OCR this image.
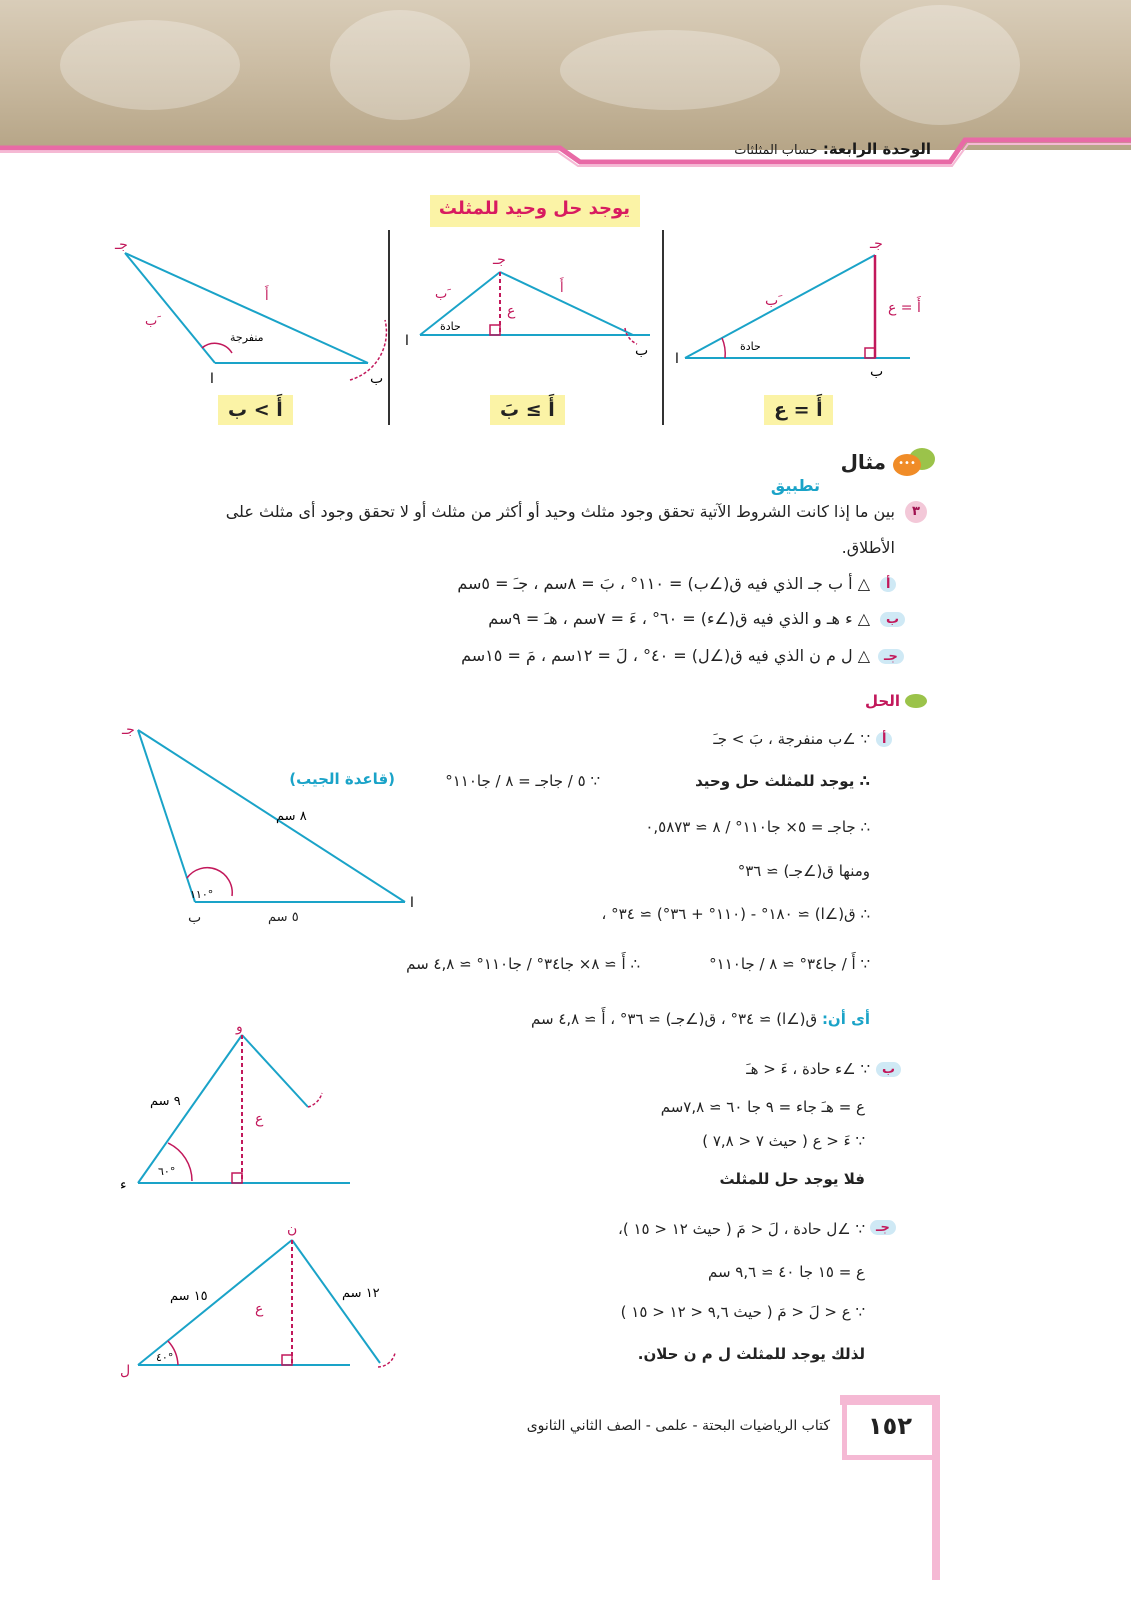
الوحدة الرابعة: حساب المثلثات
يوجد حل وحيد للمثلث
ا
ب
جـ
ب َ
حادة
أَ = ع
أَ = ع
ا
ب
جـ
ب َ	أَ
ع
حادة
أَ ≥ بَ
جـ
ا	ب
ب َ
أَ
منفرجة
أَ > ب
•••
مثال
تطبيق
٣
بين ما إذا كانت الشروط الآتية تحقق وجود مثلث وحيد أو أكثر من مثلث أو لا تحقق وجود أى مثلث على
الأطلاق.
أ
△ أ ب جـ الذي فيه ق(∠ب) = ١١٠° ، بَ = ٨سم ، جـَ = ٥سم
ب
△ ء هـ و الذي فيه ق(∠ء) = ٦٠° ، ءَ = ٧سم ، هـَ = ٩سم
جـ
△ ل م ن الذي فيه ق(∠ل) = ٤٠° ، لَ = ١٢سم ، مَ = ١٥سم
الحل
أ
∵ ∠ب منفرجة ، بَ > جـَ
∴ يوجد للمثلث حل وحيد
∵ ٥ / جاجـ = ٨ / جا١١٠°
(قاعدة الجيب)
∴ جاجـ = ٥× جا١١٠° / ٨ ≃ ٠,٥٨٧٣
ومنها ق(∠جـ) ≃ ٣٦°
∴ ق(∠ا) ≃ ١٨٠° - (١١٠° + ٣٦°) ≃ ٣٤° ،
∵ أَ / جا٣٤° ≃ ٨ / جا١١٠°
∴ أَ ≃ ٨× جا٣٤° / جا١١٠° ≃ ٤,٨ سم
أى أن: ق(∠ا) ≃ ٣٤° ، ق(∠جـ) ≃ ٣٦° ، أَ ≃ ٤,٨ سم
جـ
١١٠°
ا
٨ سم
ب	٥ سم
ب
∵ ∠ء حادة ، ءَ < هـَ
ع = هـَ جاء = ٩ جا ٦٠ ≃ ٧,٨سم
∵ ءَ < ع ( حيث ٧ < ٧,٨ )
فلا يوجد حل للمثلث
ء
و
ع
٦٠°
٩ سم
جـ
∵ ∠ل حادة ، لَ < مَ ( حيث ١٢ < ١٥ )،
ع = ١٥ جا ٤٠ ≃ ٩,٦ سم
∵ ع < لَ < مَ ( حيث ٩,٦ < ١٢ < ١٥ )
لذلك يوجد للمثلث ل م ن حلان.
ل
ن
ع
٤٠°
١٥ سم	١٢ سم
١٥٢
كتاب الرياضيات البحتة - علمى - الصف الثاني الثانوى
